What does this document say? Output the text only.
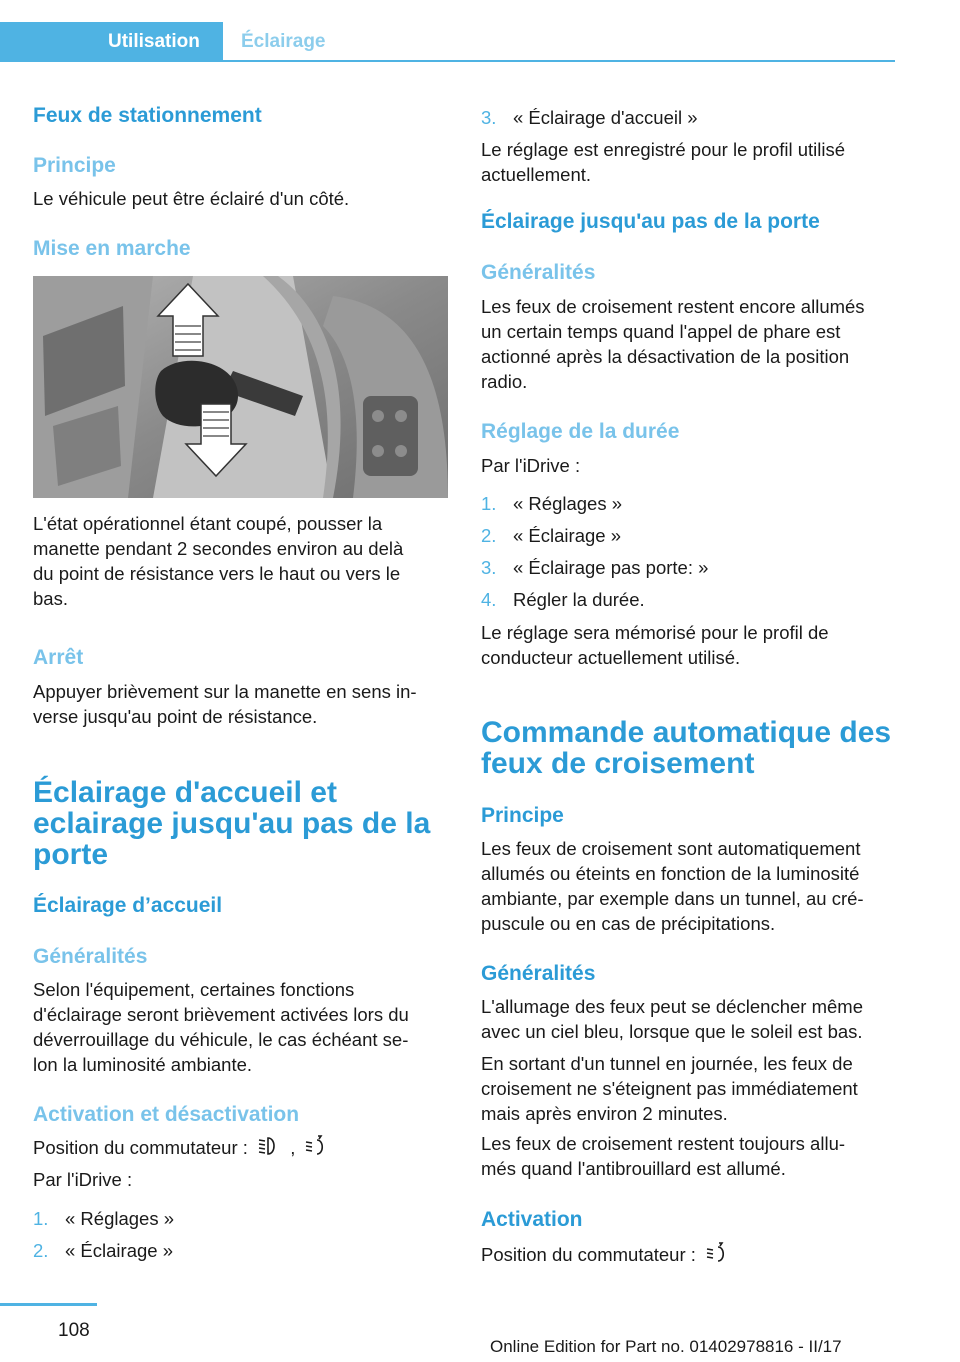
Utilisation Éclairage
Feux de stationnement
Principe
Le véhicule peut être éclairé d'un côté.
Mise en marche
L'état opérationnel étant coupé, pousser la
manette pendant 2 secondes environ au delà
du point de résistance vers le haut ou vers le
bas.
Arrêt
Appuyer brièvement sur la manette en sens in‐
verse jusqu'au point de résistance.
Éclairage d'accueil et
eclairage jusqu'au pas de la
porte
Éclairage d’accueil
Généralités
Selon l'équipement, certaines fonctions
d'éclairage seront brièvement activées lors du
déverrouillage du véhicule, le cas échéant se‐
lon la luminosité ambiante.
Activation et désactivation
Position du commutateur : ,
Par l'iDrive :
1. « Réglages »
2. « Éclairage »
3. « Éclairage d'accueil »
Le réglage est enregistré pour le profil utilisé
actuellement.
Éclairage jusqu'au pas de la porte
Généralités
Les feux de croisement restent encore allumés
un certain temps quand l'appel de phare est
actionné après la désactivation de la position
radio.
Réglage de la durée
Par l'iDrive :
1. « Réglages »
2. « Éclairage »
3. « Éclairage pas porte: »
4. Régler la durée.
Le réglage sera mémorisé pour le profil de
conducteur actuellement utilisé.
Commande automatique des
feux de croisement
Principe
Les feux de croisement sont automatiquement
allumés ou éteints en fonction de la luminosité
ambiante, par exemple dans un tunnel, au cré‐
puscule ou en cas de précipitations.
Généralités
L'allumage des feux peut se déclencher même
avec un ciel bleu, lorsque que le soleil est bas.
En sortant d'un tunnel en journée, les feux de
croisement ne s'éteignent pas immédiatement
mais après environ 2 minutes.
Les feux de croisement restent toujours allu‐
més quand l'antibrouillard est allumé.
Activation
Position du commutateur :
108
Online Edition for Part no. 01402978816 - II/17
